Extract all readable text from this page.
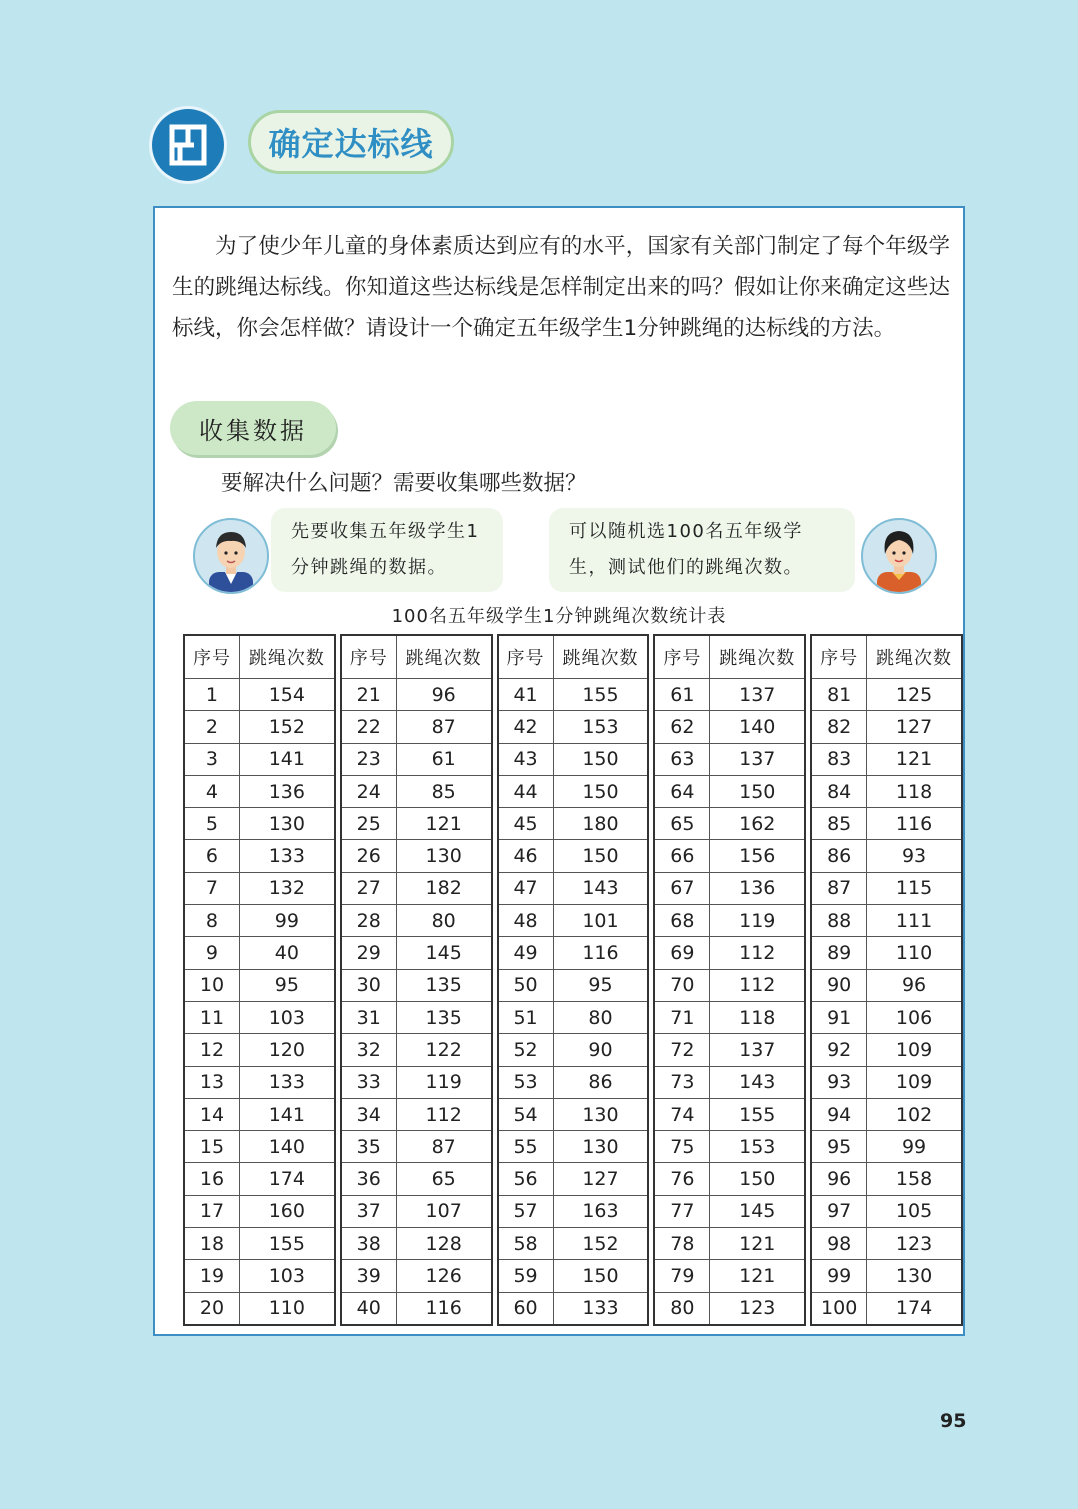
确定达标线

为了使少年儿童的身体素质达到应有的水平，国家有关部门制定了每个年级学生的跳绳达标线。你知道这些达标线是怎样制定出来的吗？假如让你来确定这些达标线，你会怎样做？请设计一个确定五年级学生1分钟跳绳的达标线的方法。

收集数据
要解决什么问题？需要收集哪些数据？
先要收集五年级学生1分钟跳绳的数据。
可以随机选100名五年级学生，测试他们的跳绳次数。
100名五年级学生1分钟跳绳次数统计表
序号	跳绳次数
1	154
2	152
3	141
4	136
5	130
6	133
7	132
8	99
9	40
10	95
11	103
12	120
13	133
14	141
15	140
16	174
17	160
18	155
19	103
20	110
序号	跳绳次数
21	96
22	87
23	61
24	85
25	121
26	130
27	182
28	80
29	145
30	135
31	135
32	122
33	119
34	112
35	87
36	65
37	107
38	128
39	126
40	116
序号	跳绳次数
41	155
42	153
43	150
44	150
45	180
46	150
47	143
48	101
49	116
50	95
51	80
52	90
53	86
54	130
55	130
56	127
57	163
58	152
59	150
60	133
序号	跳绳次数
61	137
62	140
63	137
64	150
65	162
66	156
67	136
68	119
69	112
70	112
71	118
72	137
73	143
74	155
75	153
76	150
77	145
78	121
79	121
80	123
序号	跳绳次数
81	125
82	127
83	121
84	118
85	116
86	93
87	115
88	111
89	110
90	96
91	106
92	109
93	109
94	102
95	99
96	158
97	105
98	123
99	130
100	174
95
